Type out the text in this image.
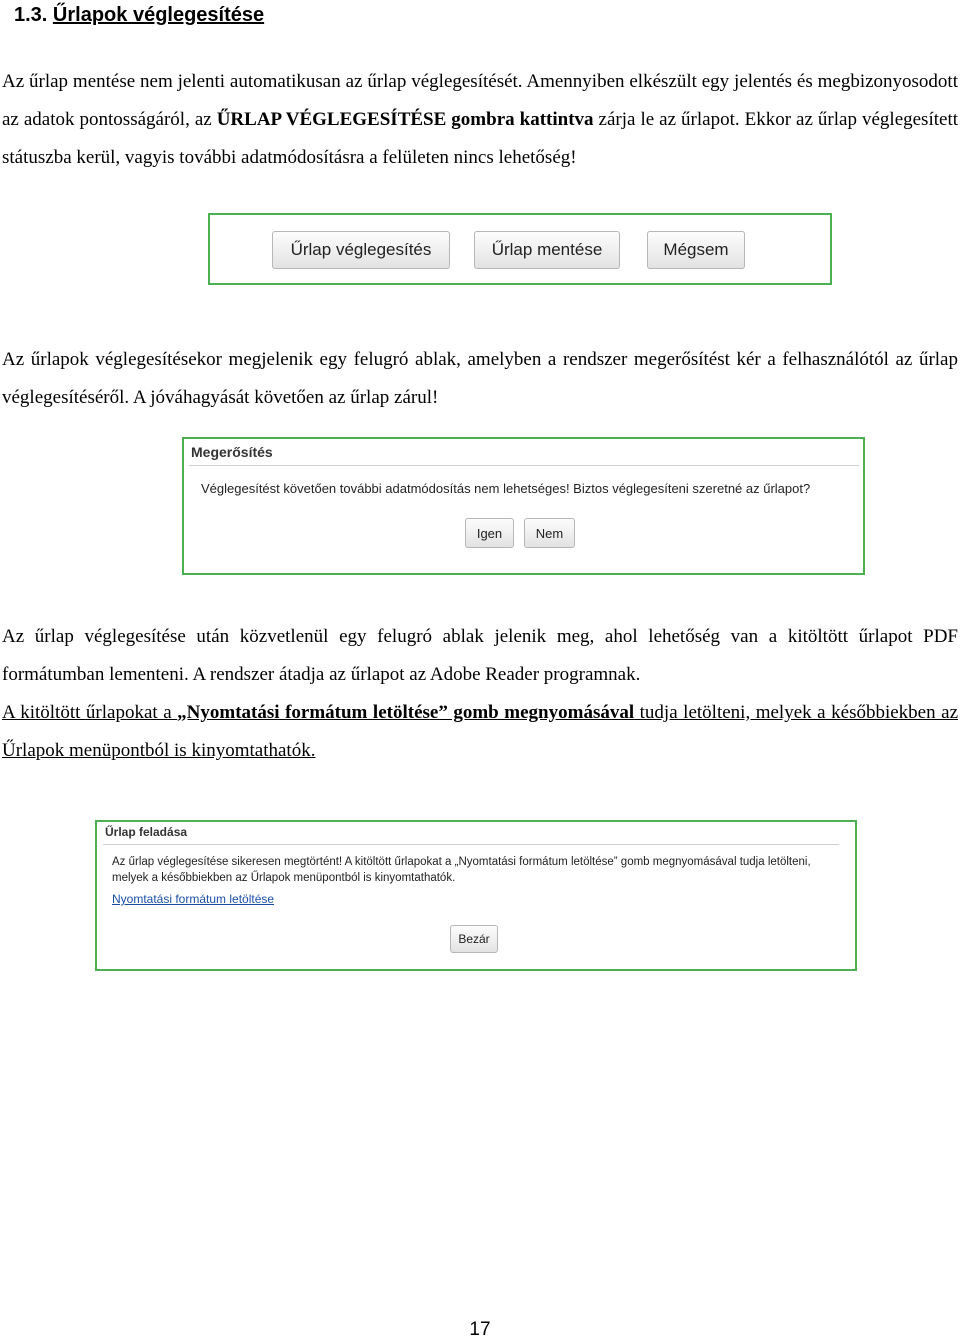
1.3. Űrlapok véglegesítése
Az űrlap mentése nem jelenti automatikusan az űrlap véglegesítését. Amennyiben elkészült egy jelentés és megbizonyosodott az adatok pontosságáról, az ŰRLAP VÉGLEGESÍTÉSE gombra kattintva zárja le az űrlapot. Ekkor az űrlap véglegesített státuszba kerül, vagyis további adatmódosításra a felületen nincs lehetőség!
Űrlap véglegesítés	Űrlap mentése	Mégsem
Az űrlapok véglegesítésekor megjelenik egy felugró ablak, amelyben a rendszer megerősítést kér a felhasználótól az űrlap véglegesítéséről. A jóváhagyását követően az űrlap zárul!
Megerősítés
Véglegesítést követően további adatmódosítás nem lehetséges! Biztos véglegesíteni szeretné az űrlapot?
Igen	Nem
Az űrlap véglegesítése után közvetlenül egy felugró ablak jelenik meg, ahol lehetőség van a kitöltött űrlapot PDF formátumban lementeni. A rendszer átadja az űrlapot az Adobe Reader programnak.
A kitöltött űrlapokat a „Nyomtatási formátum letöltése” gomb megnyomásával tudja letölteni, melyek a későbbiekben az Űrlapok menüpontból is kinyomtathatók.
Űrlap feladása
Az űrlap véglegesítése sikeresen megtörtént! A kitöltött űrlapokat a „Nyomtatási formátum letöltése” gomb megnyomásával tudja letölteni,
melyek a későbbiekben az Űrlapok menüpontból is kinyomtathatók.
Nyomtatási formátum letöltése
Bezár
17
